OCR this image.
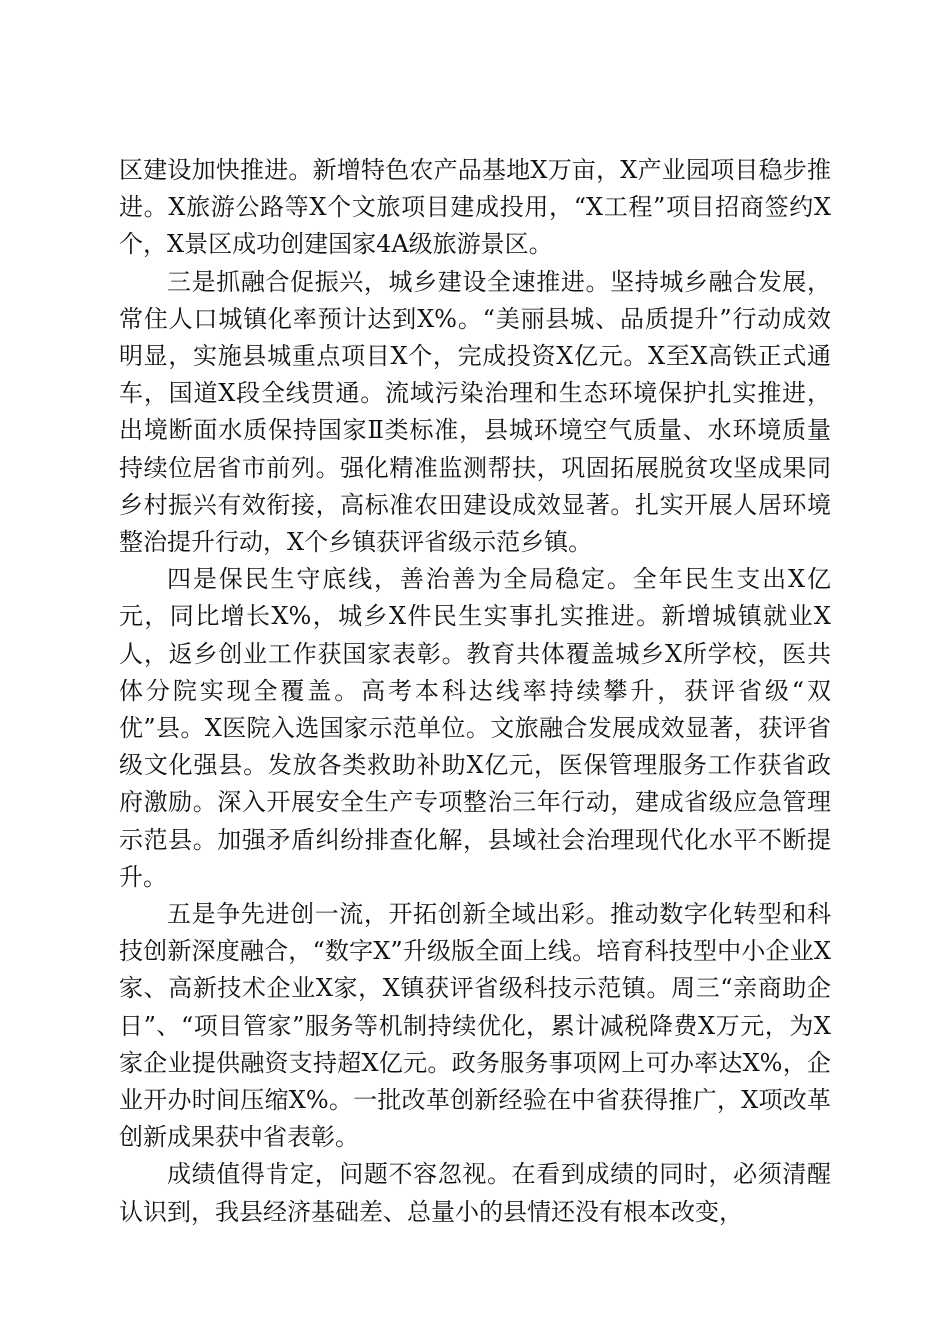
区建设加快推进。新增特色农产品基地X万亩，X产业园项目稳步推进。X旅游公路等X个文旅项目建成投用，“X工程”项目招商签约X个，X景区成功创建国家4A级旅游景区。

三是抓融合促振兴，城乡建设全速推进。坚持城乡融合发展，常住人口城镇化率预计达到X%。“美丽县城、品质提升”行动成效明显，实施县城重点项目X个，完成投资X亿元。X至X高铁正式通车，国道X段全线贯通。流域污染治理和生态环境保护扎实推进，出境断面水质保持国家Ⅱ类标准，县城环境空气质量、水环境质量持续位居省市前列。强化精准监测帮扶，巩固拓展脱贫攻坚成果同乡村振兴有效衔接，高标准农田建设成效显著。扎实开展人居环境整治提升行动，X个乡镇获评省级示范乡镇。

四是保民生守底线，善治善为全局稳定。全年民生支出X亿元，同比增长X%，城乡X件民生实事扎实推进。新增城镇就业X人，返乡创业工作获国家表彰。教育共体覆盖城乡X所学校，医共体分院实现全覆盖。高考本科达线率持续攀升，获评省级“双优”县。X医院入选国家示范单位。文旅融合发展成效显著，获评省级文化强县。发放各类救助补助X亿元，医保管理服务工作获省政府激励。深入开展安全生产专项整治三年行动，建成省级应急管理示范县。加强矛盾纠纷排查化解，县域社会治理现代化水平不断提升。

五是争先进创一流，开拓创新全域出彩。推动数字化转型和科技创新深度融合，“数字X”升级版全面上线。培育科技型中小企业X家、高新技术企业X家，X镇获评省级科技示范镇。周三“亲商助企日”、“项目管家”服务等机制持续优化，累计减税降费X万元，为X家企业提供融资支持超X亿元。政务服务事项网上可办率达X%，企业开办时间压缩X%。一批改革创新经验在中省获得推广，X项改革创新成果获中省表彰。

成绩值得肯定，问题不容忽视。在看到成绩的同时，必须清醒认识到，我县经济基础差、总量小的县情还没有根本改变，
